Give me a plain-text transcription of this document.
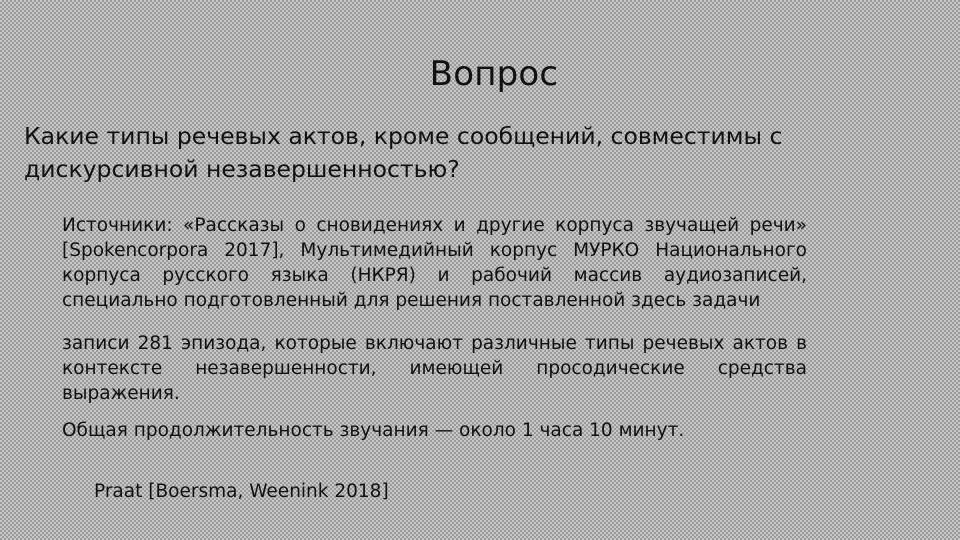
Вопрос
Какие типы речевых актов, кроме сообщений, совместимы с дискурсивной незавершенностью?
Источники: «Рассказы о сновидениях и другие корпуса звучащей речи» [Spokencorpora 2017], Мультимедийный корпус МУРКО Национального корпуса русского языка (НКРЯ) и рабочий массив аудиозаписей, специально подготовленный для решения поставленной здесь задачи
записи 281 эпизода, которые включают различные типы речевых актов в контексте незавершенности, имеющей просодические средства выражения.
Общая продолжительность звучания — около 1 часа 10 минут.
Praat [Boersma, Weenink 2018]
